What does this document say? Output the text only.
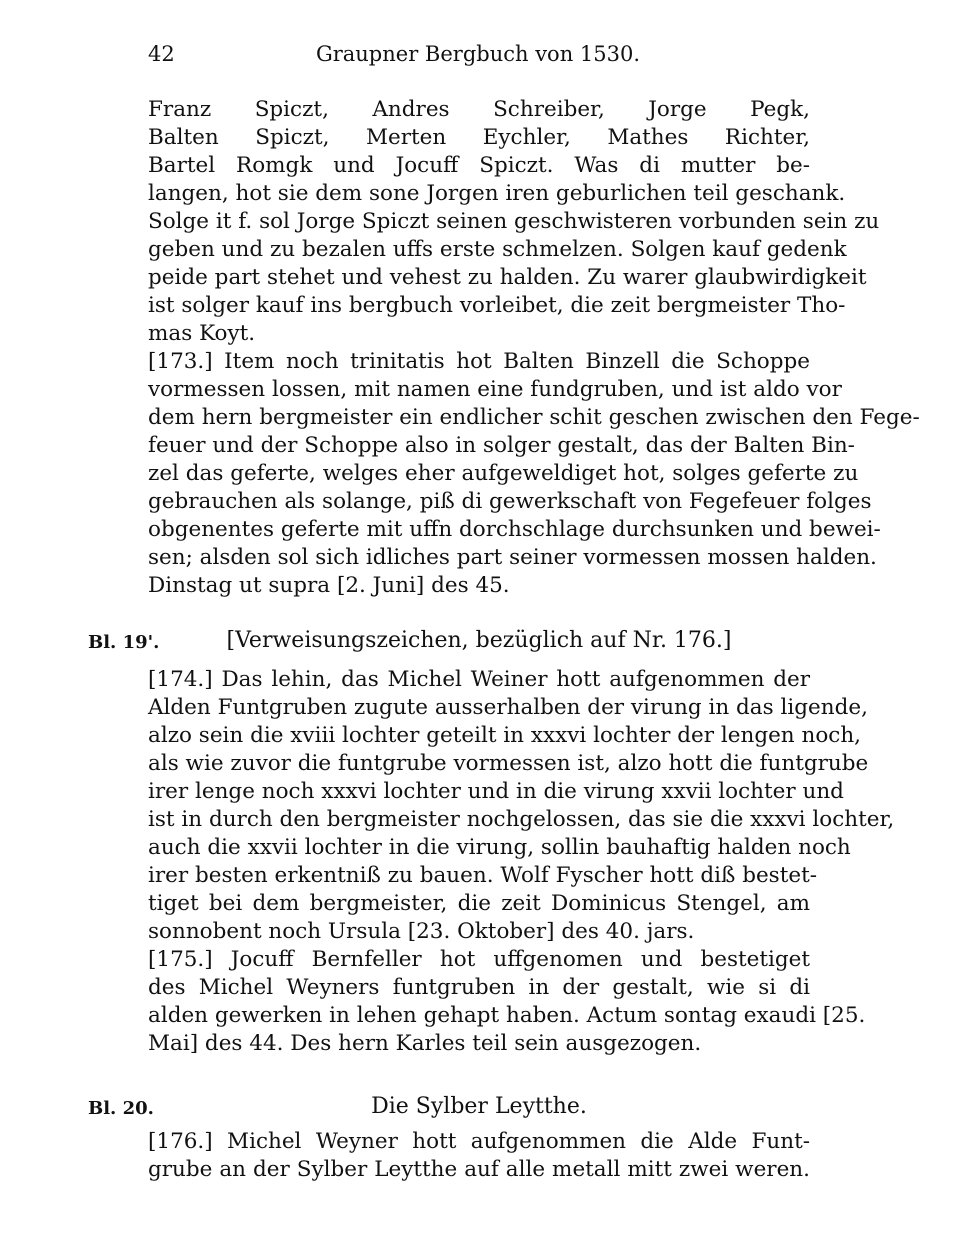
42	Graupner Bergbuch von 1530.
Franz Spiczt, Andres Schreiber, Jorge Pegk,
Balten Spiczt, Merten Eychler, Mathes Richter,
Bartel Romgk und Jocuff Spiczt. Was di mutter be-
langen, hot sie dem sone Jorgen iren geburlichen teil geschank.
Solge it f. sol Jorge Spiczt seinen geschwisteren vorbunden sein zu
geben und zu bezalen uffs erste schmelzen. Solgen kauf gedenk
peide part stehet und vehest zu halden. Zu warer glaubwirdigkeit
ist solger kauf ins bergbuch vorleibet, die zeit bergmeister Tho-
mas Koyt.
[173.] Item noch trinitatis hot Balten Binzell die Schoppe
vormessen lossen, mit namen eine fundgruben, und ist aldo vor
dem hern bergmeister ein endlicher schit geschen zwischen den Fege-
feuer und der Schoppe also in solger gestalt, das der Balten Bin-
zel das geferte, welges eher aufgeweldiget hot, solges geferte zu
gebrauchen als solange, piß di gewerkschaft von Fegefeuer folges
obgenentes geferte mit uffn dorchschlage durchsunken und bewei-
sen; alsden sol sich idliches part seiner vormessen mossen halden.
Dinstag ut supra [2. Juni] des 45.
Bl. 19'.	[Verweisungszeichen, bezüglich auf Nr. 176.]
[174.] Das lehin, das Michel Weiner hott aufgenommen der
Alden Funtgruben zugute ausserhalben der virung in das ligende,
alzo sein die xviii lochter geteilt in xxxvi lochter der lengen noch,
als wie zuvor die funtgrube vormessen ist, alzo hott die funtgrube
irer lenge noch xxxvi lochter und in die virung xxvii lochter und
ist in durch den bergmeister nochgelossen, das sie die xxxvi lochter,
auch die xxvii lochter in die virung, sollin bauhaftig halden noch
irer besten erkentniß zu bauen. Wolf Fyscher hott diß bestet-
tiget bei dem bergmeister, die zeit Dominicus Stengel, am
sonnobent noch Ursula [23. Oktober] des 40. jars.
[175.] Jocuff Bernfeller hot uffgenomen und bestetiget
des Michel Weyners funtgruben in der gestalt, wie si di
alden gewerken in lehen gehapt haben. Actum sontag exaudi [25.
Mai] des 44. Des hern Karles teil sein ausgezogen.
Bl. 20.	Die Sylber Leytthe.
[176.] Michel Weyner hott aufgenommen die Alde Funt-
grube an der Sylber Leytthe auf alle metall mitt zwei weren.
